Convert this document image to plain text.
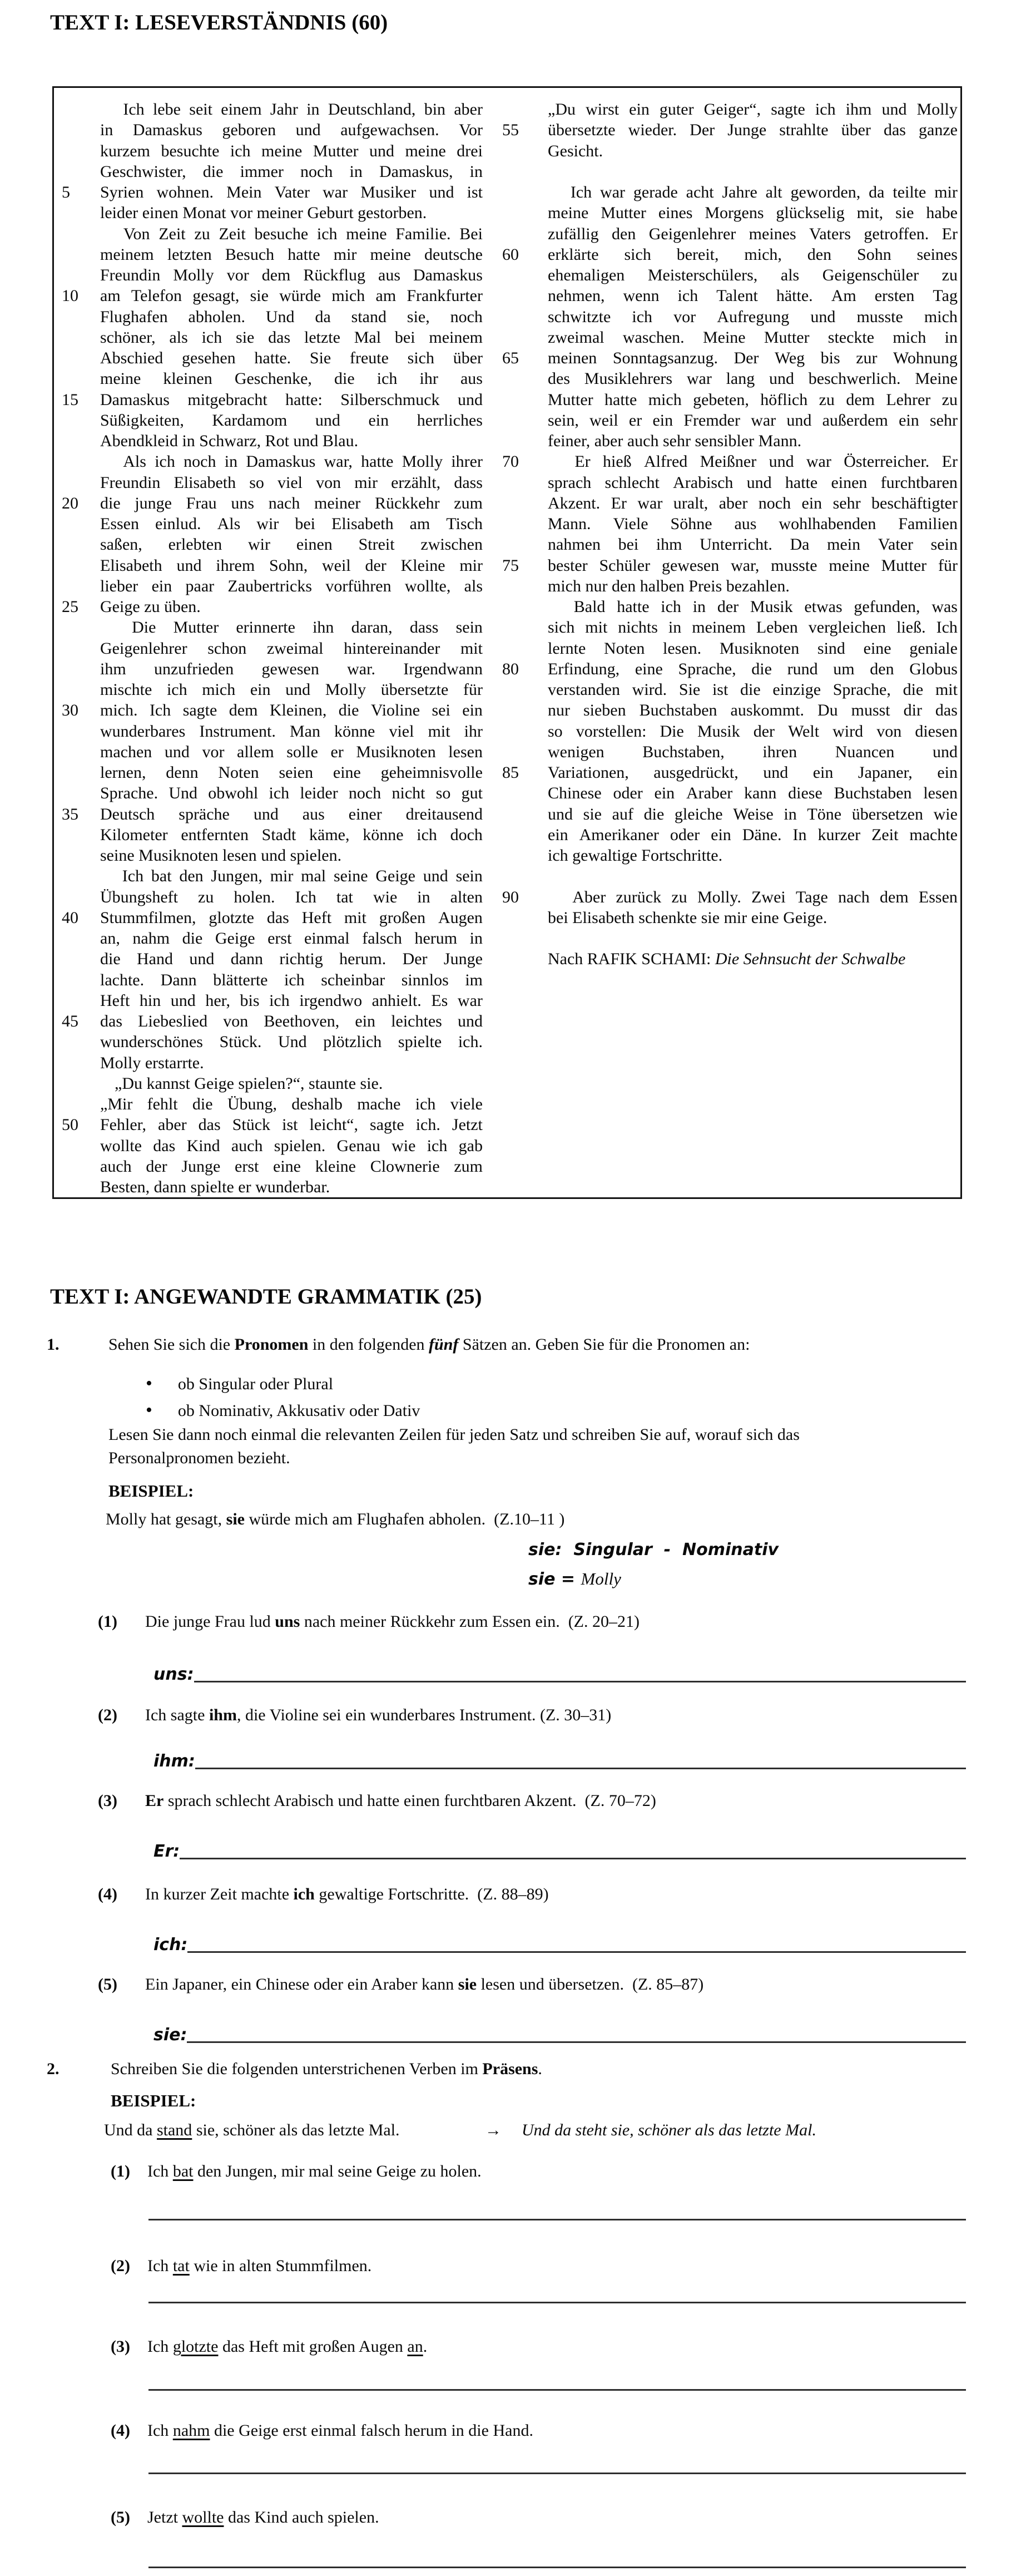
TEXT I: LESEVERSTÄNDNIS (60)
5
10
15
20
25
30
35
40
45
50
Ich lebe seit einem Jahr in Deutschland, bin aber
in Damaskus geboren und aufgewachsen. Vor
kurzem besuchte ich meine Mutter und meine drei
Geschwister, die immer noch in Damaskus, in
Syrien wohnen. Mein Vater war Musiker und ist
leider einen Monat vor meiner Geburt gestorben.
Von Zeit zu Zeit besuche ich meine Familie. Bei
meinem letzten Besuch hatte mir meine deutsche
Freundin Molly vor dem Rückflug aus Damaskus
am Telefon gesagt, sie würde mich am Frankfurter
Flughafen abholen. Und da stand sie, noch
schöner, als ich sie das letzte Mal bei meinem
Abschied gesehen hatte. Sie freute sich über
meine kleinen Geschenke, die ich ihr aus
Damaskus mitgebracht hatte: Silberschmuck und
Süßigkeiten, Kardamom und ein herrliches
Abendkleid in Schwarz, Rot und Blau.
Als ich noch in Damaskus war, hatte Molly ihrer
Freundin Elisabeth so viel von mir erzählt, dass
die junge Frau uns nach meiner Rückkehr zum
Essen einlud. Als wir bei Elisabeth am Tisch
saßen, erlebten wir einen Streit zwischen
Elisabeth und ihrem Sohn, weil der Kleine mir
lieber ein paar Zaubertricks vorführen wollte, als
Geige zu üben.
Die Mutter erinnerte ihn daran, dass sein
Geigenlehrer schon zweimal hintereinander mit
ihm unzufrieden gewesen war. Irgendwann
mischte ich mich ein und Molly übersetzte für
mich. Ich sagte dem Kleinen, die Violine sei ein
wunderbares Instrument. Man könne viel mit ihr
machen und vor allem solle er Musiknoten lesen
lernen, denn Noten seien eine geheimnisvolle
Sprache. Und obwohl ich leider noch nicht so gut
Deutsch spräche und aus einer dreitausend
Kilometer entfernten Stadt käme, könne ich doch
seine Musiknoten lesen und spielen.
Ich bat den Jungen, mir mal seine Geige und sein
Übungsheft zu holen. Ich tat wie in alten
Stummfilmen, glotzte das Heft mit großen Augen
an, nahm die Geige erst einmal falsch herum in
die Hand und dann richtig herum. Der Junge
lachte. Dann blätterte ich scheinbar sinnlos im
Heft hin und her, bis ich irgendwo anhielt. Es war
das Liebeslied von Beethoven, ein leichtes und
wunderschönes Stück. Und plötzlich spielte ich.
Molly erstarrte.
„Du kannst Geige spielen?“, staunte sie.
„Mir fehlt die Übung, deshalb mache ich viele
Fehler, aber das Stück ist leicht“, sagte ich. Jetzt
wollte das Kind auch spielen. Genau wie ich gab
auch der Junge erst eine kleine Clownerie zum
Besten, dann spielte er wunderbar.
55
60
65
70
75
80
85
90
„Du wirst ein guter Geiger“, sagte ich ihm und Molly
übersetzte wieder. Der Junge strahlte über das ganze
Gesicht.
Ich war gerade acht Jahre alt geworden, da teilte mir
meine Mutter eines Morgens glückselig mit, sie habe
zufällig den Geigenlehrer meines Vaters getroffen. Er
erklärte sich bereit, mich, den Sohn seines
ehemaligen Meisterschülers, als Geigenschüler zu
nehmen, wenn ich Talent hätte. Am ersten Tag
schwitzte ich vor Aufregung und musste mich
zweimal waschen. Meine Mutter steckte mich in
meinen Sonntagsanzug. Der Weg bis zur Wohnung
des Musiklehrers war lang und beschwerlich. Meine
Mutter hatte mich gebeten, höflich zu dem Lehrer zu
sein, weil er ein Fremder war und außerdem ein sehr
feiner, aber auch sehr sensibler Mann.
Er hieß Alfred Meißner und war Österreicher. Er
sprach schlecht Arabisch und hatte einen furchtbaren
Akzent. Er war uralt, aber noch ein sehr beschäftigter
Mann. Viele Söhne aus wohlhabenden Familien
nahmen bei ihm Unterricht. Da mein Vater sein
bester Schüler gewesen war, musste meine Mutter für
mich nur den halben Preis bezahlen.
Bald hatte ich in der Musik etwas gefunden, was
sich mit nichts in meinem Leben vergleichen ließ. Ich
lernte Noten lesen. Musiknoten sind eine geniale
Erfindung, eine Sprache, die rund um den Globus
verstanden wird. Sie ist die einzige Sprache, die mit
nur sieben Buchstaben auskommt. Du musst dir das
so vorstellen: Die Musik der Welt wird von diesen
wenigen Buchstaben, ihren Nuancen und
Variationen, ausgedrückt, und ein Japaner, ein
Chinese oder ein Araber kann diese Buchstaben lesen
und sie auf die gleiche Weise in Töne übersetzen wie
ein Amerikaner oder ein Däne. In kurzer Zeit machte
ich gewaltige Fortschritte.
Aber zurück zu Molly. Zwei Tage nach dem Essen
bei Elisabeth schenkte sie mir eine Geige.
Nach RAFIK SCHAMI: Die Sehnsucht der Schwalbe
TEXT I: ANGEWANDTE GRAMMATIK (25)
1.	Sehen Sie sich die Pronomen in den folgenden fünf Sätzen an. Geben Sie für die Pronomen an:
• ob Singular oder Plural
• ob Nominativ, Akkusativ oder Dativ
Lesen Sie dann noch einmal die relevanten Zeilen für jeden Satz und schreiben Sie auf, worauf sich das
Personalpronomen bezieht.
BEISPIEL:
Molly hat gesagt, sie würde mich am Flughafen abholen.  (Z.10–11 )
sie:  Singular  -  Nominativ
sie = Molly
(1) Die junge Frau lud uns nach meiner Rückkehr zum Essen ein.  (Z. 20–21)
uns:
(2) Ich sagte ihm, die Violine sei ein wunderbares Instrument. (Z. 30–31)
ihm:
(3) Er sprach schlecht Arabisch und hatte einen furchtbaren Akzent.  (Z. 70–72)
Er:
(4) In kurzer Zeit machte ich gewaltige Fortschritte.  (Z. 88–89)
ich:
(5) Ein Japaner, ein Chinese oder ein Araber kann sie lesen und übersetzen.  (Z. 85–87)
sie:
2.	Schreiben Sie die folgenden unterstrichenen Verben im Präsens.
BEISPIEL:
Und da stand sie, schöner als das letzte Mal.	→ Und da steht sie, schöner als das letzte Mal.
(1) Ich bat den Jungen, mir mal seine Geige zu holen.
(2) Ich tat wie in alten Stummfilmen.
(3) Ich glotzte das Heft mit großen Augen an.
(4) Ich nahm die Geige erst einmal falsch herum in die Hand.
(5) Jetzt wollte das Kind auch spielen.
